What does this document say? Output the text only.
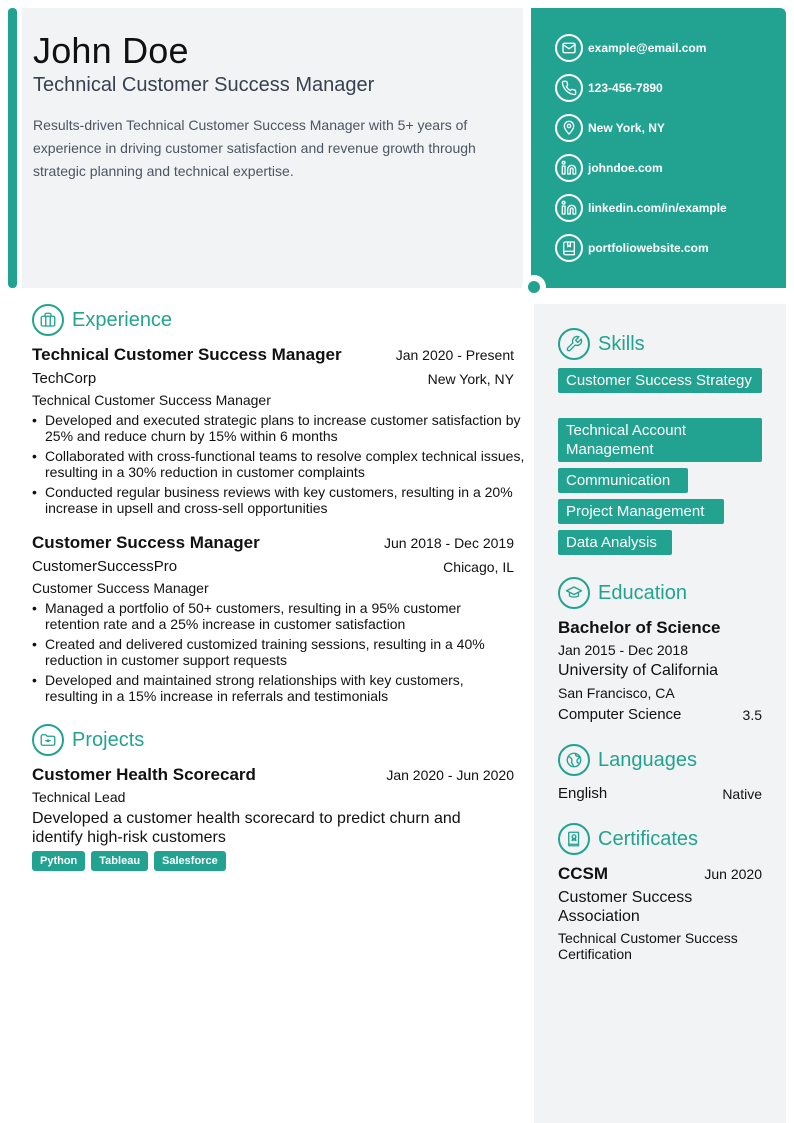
John Doe
Technical Customer Success Manager
Results-driven Technical Customer Success Manager with 5+ years of experience in driving customer satisfaction and revenue growth through strategic planning and technical expertise.
example@email.com
123-456-7890
New York, NY
johndoe.com
linkedin.com/in/example
portfoliowebsite.com
Experience
Technical Customer Success Manager	Jan 2020 - Present
TechCorp	New York, NY
Technical Customer Success Manager
• Developed and executed strategic plans to increase customer satisfaction by 25% and reduce churn by 15% within 6 months
• Collaborated with cross-functional teams to resolve complex technical issues, resulting in a 30% reduction in customer complaints
• Conducted regular business reviews with key customers, resulting in a 20% increase in upsell and cross-sell opportunities
Customer Success Manager	Jun 2018 - Dec 2019
CustomerSuccessPro	Chicago, IL
Customer Success Manager
• Managed a portfolio of 50+ customers, resulting in a 95% customer retention rate and a 25% increase in customer satisfaction
• Created and delivered customized training sessions, resulting in a 40% reduction in customer support requests
• Developed and maintained strong relationships with key customers, resulting in a 15% increase in referrals and testimonials
Projects
Customer Health Scorecard	Jan 2020 - Jun 2020
Technical Lead
Developed a customer health scorecard to predict churn and identify high-risk customers
Python Tableau Salesforce
Skills
Customer Success Strategy
Technical Account Management
Communication
Project Management
Data Analysis
Education
Bachelor of Science
Jan 2015 - Dec 2018
University of California
San Francisco, CA
Computer Science	3.5
Languages
English	Native
Certificates
CCSM	Jun 2020
Customer Success Association
Technical Customer Success Certification
